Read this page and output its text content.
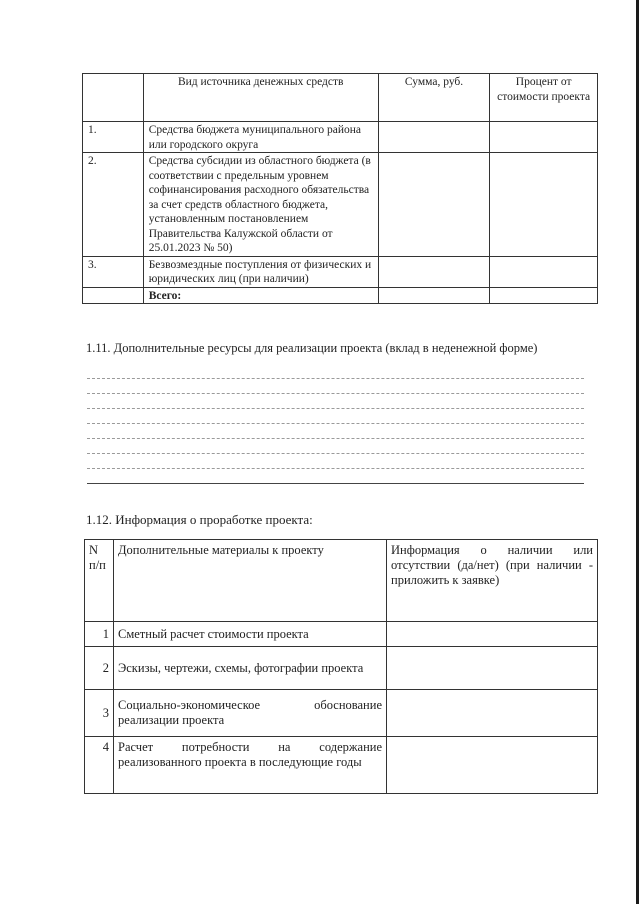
	Вид источника денежных средств	Сумма, руб.	Процент от стоимости проекта
1.	Средства бюджета муниципального района или городского округа		
2.	Средства субсидии из областного бюджета (в соответствии с предельным уровнем софинансирования расходного обязательства за счет средств областного бюджета, установленным постановлением Правительства Калужской области от 25.01.2023 № 50)		
3.	Безвозмездные поступления от физических и юридических лиц (при наличии)		
	Всего:		
1.11. Дополнительные ресурсы для реализации проекта (вклад в неденежной форме)
1.12. Информация о проработке проекта:
N п/п	Дополнительные материалы к проекту	Информация о наличии или отсутствии (да/нет) (при наличии - приложить к заявке)
1	Сметный расчет стоимости проекта	
2	Эскизы, чертежи, схемы, фотографии проекта	
3	Социально-экономическое обоснование реализации проекта	
4	Расчет потребности на содержание реализованного проекта в последующие годы	
